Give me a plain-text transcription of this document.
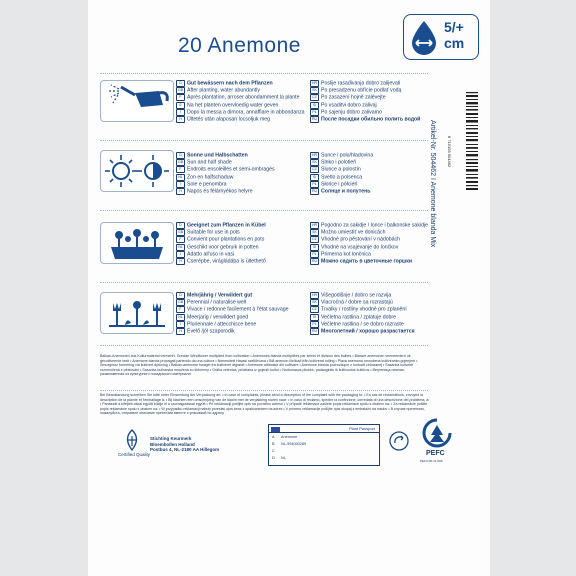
20 Anemone
5/+
cm
D Gut bewässern nach dem Pflanzen
GB After planting, water abundantly
F Après plantation, arroser abondamment la plante
E Na het planten overvloedig water geven
I Dopo la messa a dimora, annaffiare in abbondanza
H Ültetés után alaposan locsoljuk meg
HR Poslije rasađivanja dobro zalijevati
SK Po presadzenu obfície podlať vodą
CZ Po zasazení hojně zalévejte
SI Po vsaditvi dobro zalivaj
PL Po sajenju dobro zalivamo
RU После посадки обильно полить водой
D Sonne und Halbschatten
GB Sun and half shade
F Endroits ensoleillés et semi-ombragés
NL Zon en halfschaduw
I Sole e penombra
H Napos és félárnyékos helyre
HR Sunce i polu/hladovina
SK Slnko i polotieň
CZ Slunce a polostín
SI Svetlo a polsenca
PL Słońce i półcień
RU Солнце и полутень
D Geeignet zum Pflanzen in Kübel
GB Suitable for use in pots
F Convient pour plantations en pots
NL Geschikt voor gebruik in potten
I Adatto all'uso in vasi
H Cserépbe, virágládába is ültethető
HR Pogodno za sakidje / lonce i balkonske sakidje
SK Možno umiestiť ve donicách
CZ Vhodné pro pěstování v nádobách
SI Vhodné na vsajevanje do lončkov
PL Primerna kot lončnica
RU Можно садить в цветочные горшки
D Mehrjährig / Verwildert gut
GB Perennial / naturalise well
F Vivace / redonne facilement à l'état sauvage
NL Meerjarig / verwildert goed
I Pluriennale / attecchisce bene
H Évelő /jól szaporodik
HR Višegodišnje / dobro se razvija
SK Viacročná / dobre sa rozrastajú
CZ Trvalky / rostliny vhodné pro zplanění
SI Večletna rastlina / zplatuje dobre
PL Večletne rastlina / se dobro razraste
RU Многолетний / хорошо разрастается
Artikel-Nr. 504462 I Anemone blanda Mix	8 710195 504462
Balkan-Anemonen aus Kulturmaterial vermehrt. Grecian Windflower multiplied from cultivation • Anémones blanda multipliées par semis et division des bulbes • Blauwe anemonen vermeerderd uit gecultiveerde teelt • Anemone blanda propagati partendo da una coltura • Nemesített Havasi szellőrózsa • Blå anemon förökad från kultiverat odling • Plava anemona umnožena kultiviranim gojenjem • Smuzgmoz formering via kultivert dyrkning • Balkan-anemone forøget fra kultiveret afgrøde • Anemone albánske dle cultivare • Anemone blanda pochodzące z hodowli celowanej • Sasanka kulturně rozmnožená z pěstování • Sasanka bulharská množená zo štěcheny • Gräka vetenica, pridelana iz gojenih kultur • Nodomasos pliukės, padaugintis iš kultivuotos kultūros • Ветреница нежная, размноженная из культурного посадочного материала
Bei Beanstandung schreiben Sie bitte unter Einsendung der Verpackung an: • In case of complaints, please send a description of the complaint with the packaging to: • En cas de réclamations, envoyez la description de la plainte et l'emballage à: • Bij klachten een omschrijving van de klacht met de verpakking sturen naar: • In caso di reclamo, spedire la confezione, corredata di una descrizione del problema, a: • Panaszát a kifejtett okkal együtt küldje el a csomagolással együtt • Pri reklamaciji pošljite opis na povratnu adresu • V případě reklamace zašlete popis reklamace spolu s obalem na: • Za reklamácie pošlite popis reklamácie spolu s obalom na: • W przypadku reklamacji należy przesłać opis wraz z opakowaniem na adres • V primeru reklamacije pošljite opis skupaj z embalažo na naslov • В случае претензии, пожалуйста, отправьте описание претензии вместе с упаковкой по адресу
Certified Quality
Stichting Keurmerk
Bloembollen Holland
Postbus 4, NL-2180 AA Hillegom
Plant Passport
A Anemone
B NL-994000289
C
D NL
PEFC
PEFC/30-31-086
